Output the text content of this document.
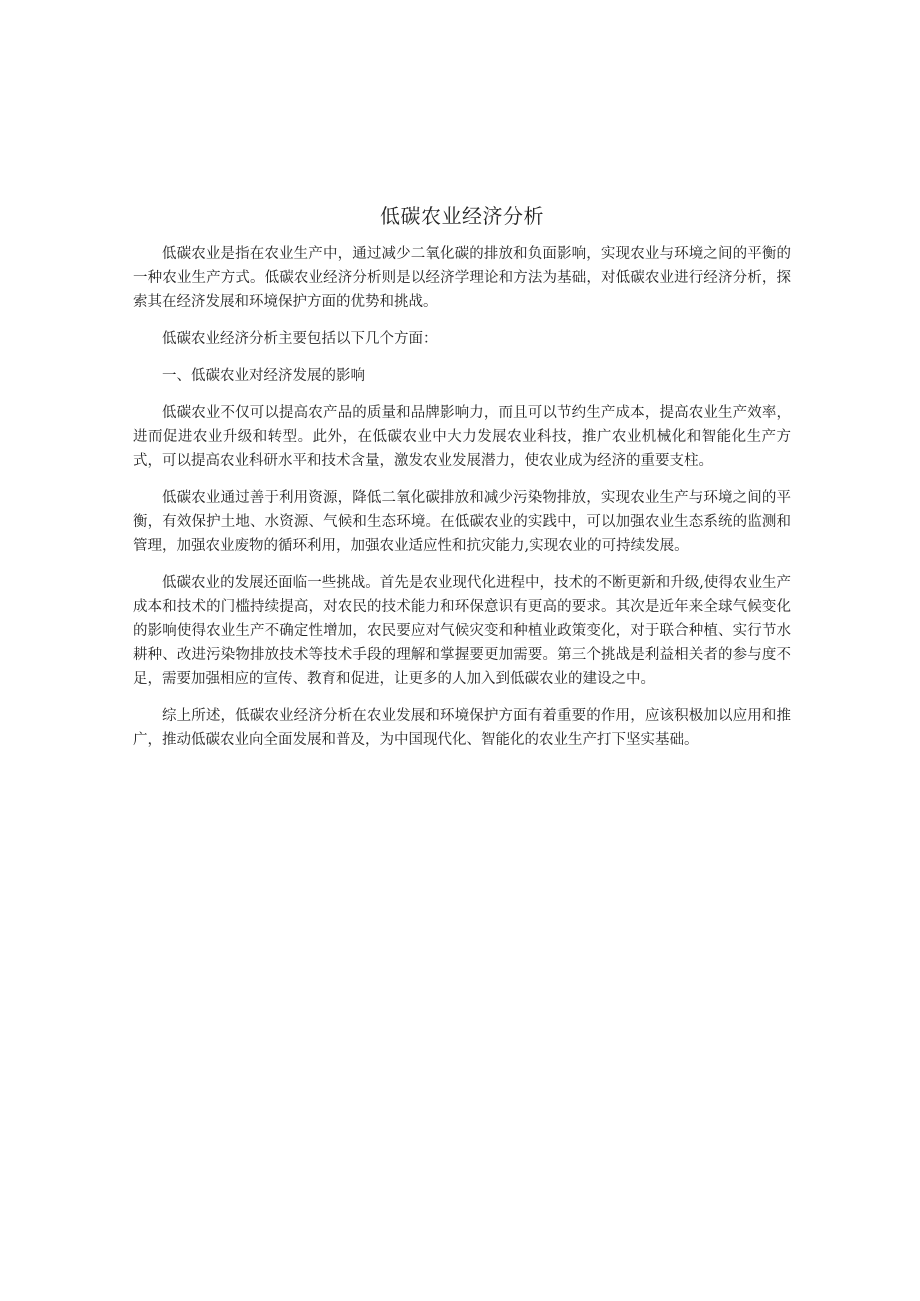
低碳农业经济分析

低碳农业是指在农业生产中，通过减少二氧化碳的排放和负面影响，实现农业与环境之间的平衡的一种农业生产方式。低碳农业经济分析则是以经济学理论和方法为基础，对低碳农业进行经济分析，探索其在经济发展和环境保护方面的优势和挑战。

低碳农业经济分析主要包括以下几个方面：

一、低碳农业对经济发展的影响

低碳农业不仅可以提高农产品的质量和品牌影响力，而且可以节约生产成本，提高农业生产效率，进而促进农业升级和转型。此外，在低碳农业中大力发展农业科技，推广农业机械化和智能化生产方式，可以提高农业科研水平和技术含量，激发农业发展潜力，使农业成为经济的重要支柱。

低碳农业通过善于利用资源，降低二氧化碳排放和减少污染物排放，实现农业生产与环境之间的平衡，有效保护土地、水资源、气候和生态环境。在低碳农业的实践中，可以加强农业生态系统的监测和管理，加强农业废物的循环利用，加强农业适应性和抗灾能力,实现农业的可持续发展。

低碳农业的发展还面临一些挑战。首先是农业现代化进程中，技术的不断更新和升级,使得农业生产成本和技术的门槛持续提高，对农民的技术能力和环保意识有更高的要求。其次是近年来全球气候变化的影响使得农业生产不确定性增加，农民要应对气候灾变和种植业政策变化，对于联合种植、实行节水耕种、改进污染物排放技术等技术手段的理解和掌握要更加需要。第三个挑战是利益相关者的参与度不足，需要加强相应的宣传、教育和促进，让更多的人加入到低碳农业的建设之中。

综上所述，低碳农业经济分析在农业发展和环境保护方面有着重要的作用，应该积极加以应用和推广，推动低碳农业向全面发展和普及，为中国现代化、智能化的农业生产打下坚实基础。
